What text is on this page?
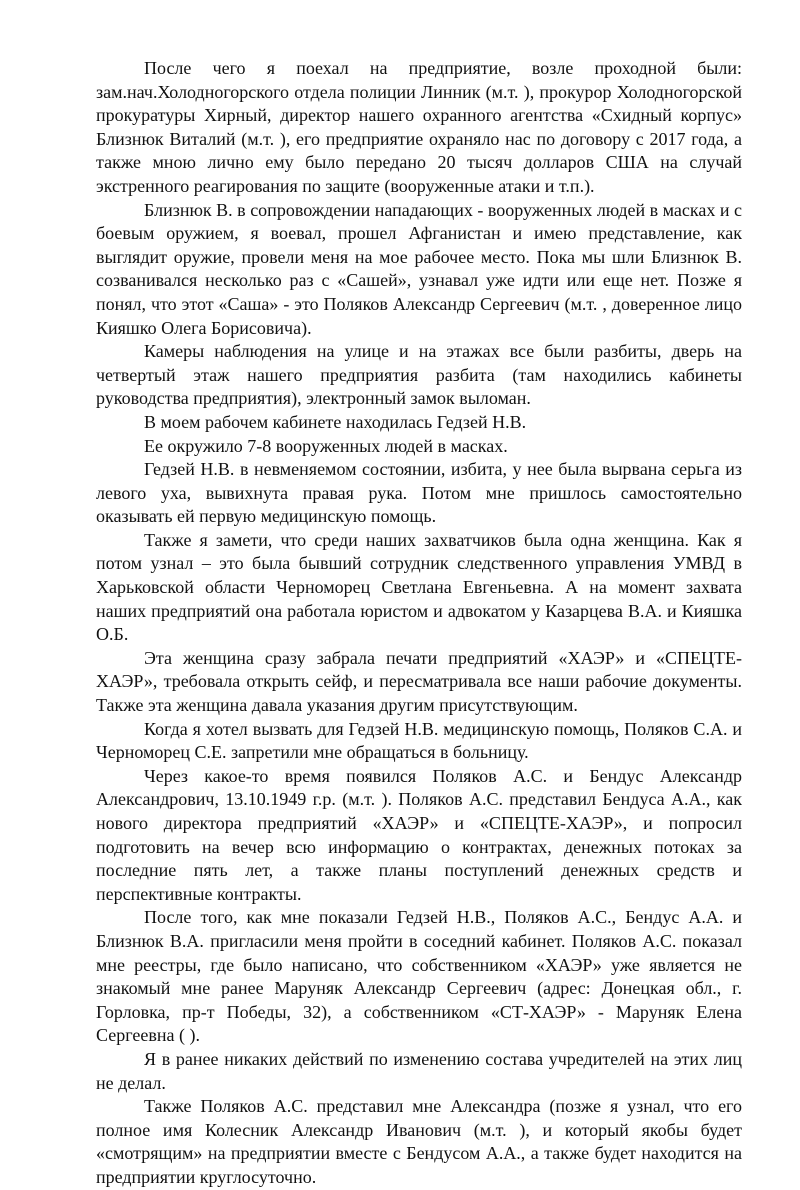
После чего я поехал на предприятие, возле проходной были: зам.нач.Холодногорского отдела полиции Линник (м.т. ), прокурор Холодногорской прокуратуры Хирный, директор нашего охранного агентства «Схидный корпус» Близнюк Виталий (м.т. ), его предприятие охраняло нас по договору с 2017 года, а также мною лично ему было передано 20 тысяч долларов США на случай экстренного реагирования по защите (вооруженные атаки и т.п.).

Близнюк В. в сопровождении нападающих - вооруженных людей в масках и с боевым оружием, я воевал, прошел Афганистан и имею представление, как выглядит оружие, провели меня на мое рабочее место. Пока мы шли Близнюк В. созванивался несколько раз с «Сашей», узнавал уже идти или еще нет. Позже я понял, что этот «Саша» - это Поляков Александр Сергеевич (м.т. , доверенное лицо Кияшко Олега Борисовича).

Камеры наблюдения на улице и на этажах все были разбиты, дверь на четвертый этаж нашего предприятия разбита (там находились кабинеты руководства предприятия), электронный замок выломан.

В моем рабочем кабинете находилась Гедзей Н.В.

Ее окружило 7-8 вооруженных людей в масках.

Гедзей Н.В. в невменяемом состоянии, избита, у нее была вырвана серьга из левого уха, вывихнута правая рука. Потом мне пришлось самостоятельно оказывать ей первую медицинскую помощь.

Также я замети, что среди наших захватчиков была одна женщина. Как я потом узнал – это была бывший сотрудник следственного управления УМВД в Харьковской области Черноморец Светлана Евгеньевна. А на момент захвата наших предприятий она работала юристом и адвокатом у Казарцева В.А. и Кияшка О.Б.

Эта женщина сразу забрала печати предприятий «ХАЭР» и «СПЕЦТЕ-ХАЭР», требовала открыть сейф, и пересматривала все наши рабочие документы. Также эта женщина давала указания другим присутствующим.

Когда я хотел вызвать для Гедзей Н.В. медицинскую помощь, Поляков С.А. и Черноморец С.Е. запретили мне обращаться в больницу.

Через какое-то время появился Поляков А.С. и Бендус Александр Александрович, 13.10.1949 г.р. (м.т. ). Поляков А.С. представил Бендуса А.А., как нового директора предприятий «ХАЭР» и «СПЕЦТЕ-ХАЭР», и попросил подготовить на вечер всю информацию о контрактах, денежных потоках за последние пять лет, а также планы поступлений денежных средств и перспективные контракты.

После того, как мне показали Гедзей Н.В., Поляков А.С., Бендус А.А. и Близнюк В.А. пригласили меня пройти в соседний кабинет. Поляков А.С. показал мне реестры, где было написано, что собственником «ХАЭР» уже является не знакомый мне ранее Маруняк Александр Сергеевич (адрес: Донецкая обл., г. Горловка, пр-т Победы, 32), а собственником «СТ-ХАЭР» - Маруняк Елена Сергеевна ( ).

Я в ранее никаких действий по изменению состава учредителей на этих лиц не делал.

Также Поляков А.С. представил мне Александра (позже я узнал, что его полное имя Колесник Александр Иванович (м.т. ), и который якобы будет «смотрящим» на предприятии вместе с Бендусом А.А., а также будет находится на предприятии круглосуточно.
